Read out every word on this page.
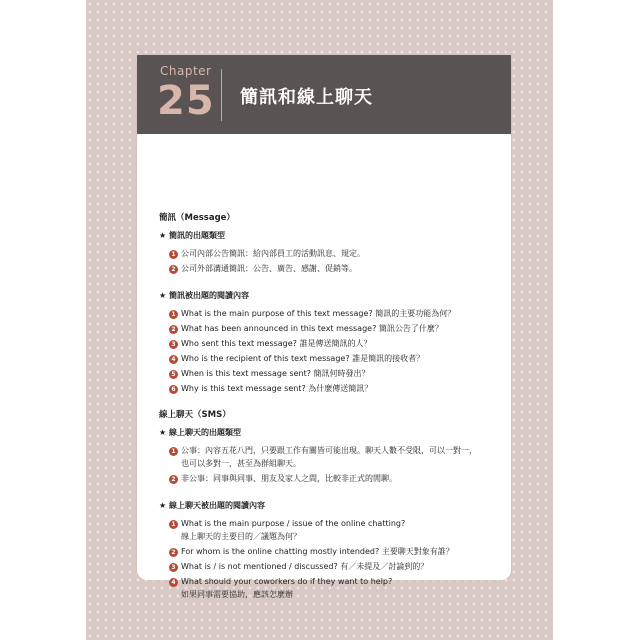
Chapter
25 簡訊和線上聊天
簡訊（Message）
★ 簡訊的出題類型
1 公司內部公告簡訊：給內部員工的活動訊息、規定。
2 公司外部溝通簡訊：公告、廣告、感謝、促銷等。
★ 簡訊被出題的閱讀內容
1 What is the main purpose of this text message? 簡訊的主要功能為何？
2 What has been announced in this text message? 簡訊公告了什麼？
3 Who sent this text message? 誰是傳送簡訊的人？
4 Who is the recipient of this text message? 誰是簡訊的接收者？
5 When is this text message sent? 簡訊何時發出？
6 Why is this text message sent? 為什麼傳送簡訊？
線上聊天（SMS）
★ 線上聊天的出題類型
1 公事：內容五花八門，只要跟工作有關皆可能出現。聊天人數不受限，可以一對一，
也可以多對一，甚至為群組聊天。
2 非公事：同事與同事、朋友及家人之間，比較非正式的閒聊。
★ 線上聊天被出題的閱讀內容
1 What is the main purpose / issue of the online chatting?
線上聊天的主要目的／議題為何？
2 For whom is the online chatting mostly intended? 主要聊天對象有誰？
3 What is / is not mentioned / discussed? 有／未提及／討論到的？
4 What should your coworkers do if they want to help?
如果同事需要協助，應該怎麼辦
